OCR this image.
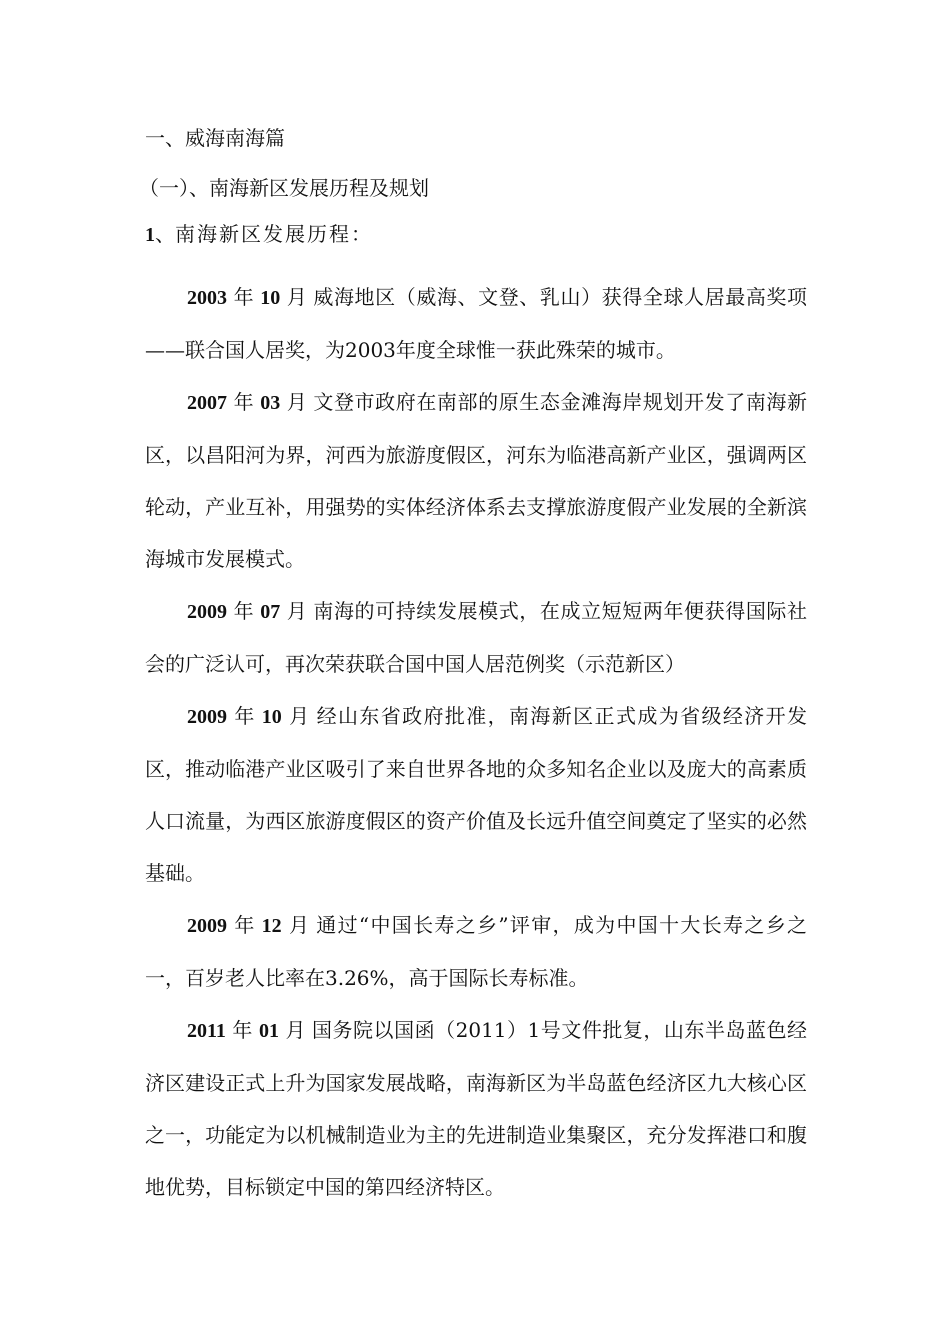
一、威海南海篇
（一）、南海新区发展历程及规划
1、南海新区发展历程：

2003 年 10 月 威海地区（威海、文登、乳山）获得全球人居最高奖项——联合国人居奖，为2003年度全球惟一获此殊荣的城市。

2007 年 03 月 文登市政府在南部的原生态金滩海岸规划开发了南海新区，以昌阳河为界，河西为旅游度假区，河东为临港高新产业区，强调两区轮动，产业互补，用强势的实体经济体系去支撑旅游度假产业发展的全新滨海城市发展模式。

2009 年 07 月 南海的可持续发展模式，在成立短短两年便获得国际社会的广泛认可，再次荣获联合国中国人居范例奖（示范新区）

2009 年 10 月 经山东省政府批准，南海新区正式成为省级经济开发区，推动临港产业区吸引了来自世界各地的众多知名企业以及庞大的高素质人口流量，为西区旅游度假区的资产价值及长远升值空间奠定了坚实的必然基础。

2009 年 12 月 通过“中国长寿之乡”评审，成为中国十大长寿之乡之一，百岁老人比率在3.26%，高于国际长寿标准。

2011 年 01 月 国务院以国函（2011）1号文件批复，山东半岛蓝色经济区建设正式上升为国家发展战略，南海新区为半岛蓝色经济区九大核心区之一，功能定为以机械制造业为主的先进制造业集聚区，充分发挥港口和腹地优势，目标锁定中国的第四经济特区。
